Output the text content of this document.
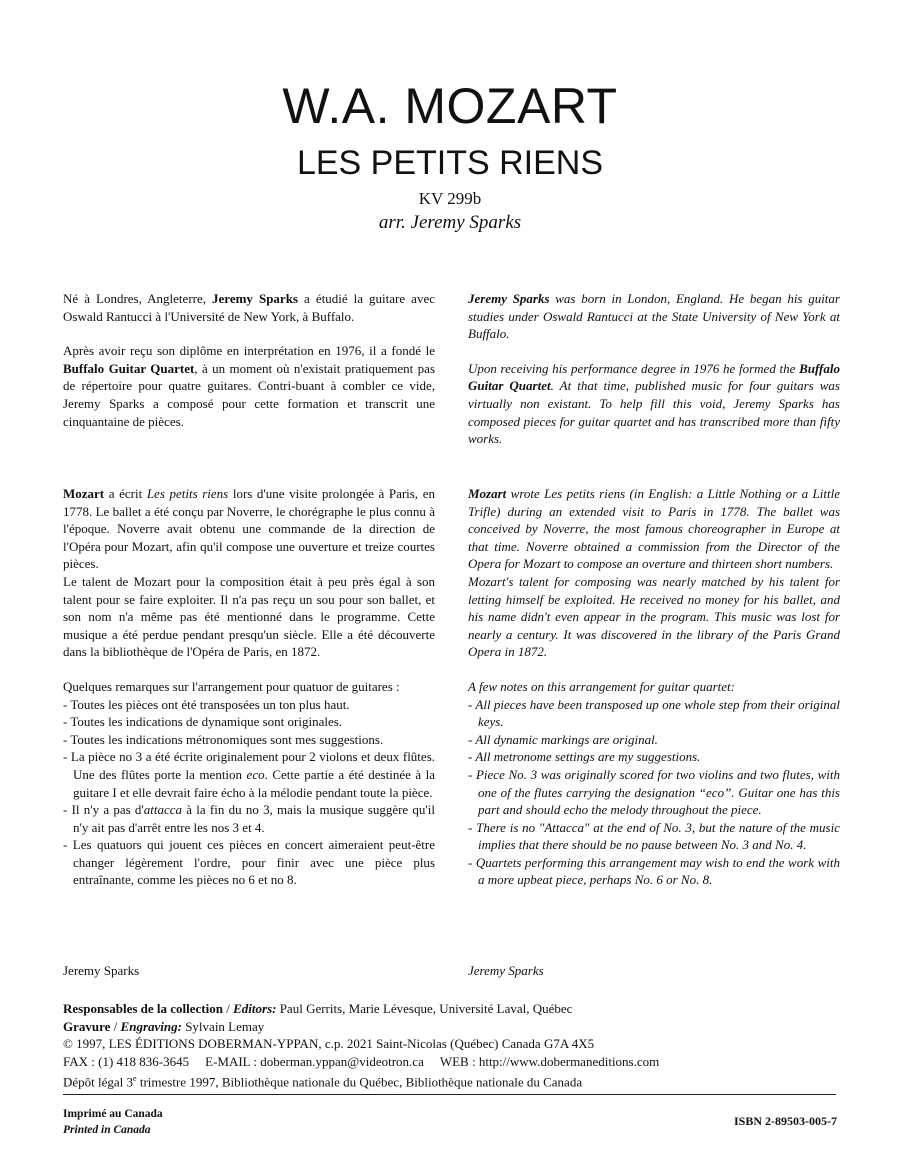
W.A. MOZART
LES PETITS RIENS
KV 299b
arr. Jeremy Sparks

Né à Londres, Angleterre, Jeremy Sparks a étudié la guitare avec Oswald Rantucci à l'Université de New York, à Buffalo.

Après avoir reçu son diplôme en interprétation en 1976, il a fondé le Buffalo Guitar Quartet, à un moment où n'existait pratiquement pas de répertoire pour quatre guitares. Contri-buant à combler ce vide, Jeremy Sparks a composé pour cette formation et transcrit une cinquantaine de pièces.

Jeremy Sparks was born in London, England. He began his guitar studies under Oswald Rantucci at the State University of New York at Buffalo.

Upon receiving his performance degree in 1976 he formed the Buffalo Guitar Quartet. At that time, published music for four guitars was virtually non existant. To help fill this void, Jeremy Sparks has composed pieces for guitar quartet and has transcribed more than fifty works.

Mozart a écrit Les petits riens lors d'une visite prolongée à Paris, en 1778. Le ballet a été conçu par Noverre, le chorégraphe le plus connu à l'époque. Noverre avait obtenu une commande de la direction de l'Opéra pour Mozart, afin qu'il compose une ouverture et treize courtes pièces.

Le talent de Mozart pour la composition était à peu près égal à son talent pour se faire exploiter. Il n'a pas reçu un sou pour son ballet, et son nom n'a même pas été mentionné dans le programme. Cette musique a été perdue pendant presqu'un siècle. Elle a été découverte dans la bibliothèque de l'Opéra de Paris, en 1872.

Quelques remarques sur l'arrangement pour quatuor de guitares :

- Toutes les pièces ont été transposées un ton plus haut.
- Toutes les indications de dynamique sont originales.
- Toutes les indications métronomiques sont mes suggestions.
- La pièce no 3 a été écrite originalement pour 2 violons et deux flûtes. Une des flûtes porte la mention eco. Cette partie a été destinée à la guitare I et elle devrait faire écho à la mélodie pendant toute la pièce.
- Il n'y a pas d'attacca à la fin du no 3, mais la musique suggère qu'il n'y ait pas d'arrêt entre les nos 3 et 4.
- Les quatuors qui jouent ces pièces en concert aimeraient peut-être changer légèrement l'ordre, pour finir avec une pièce plus entraînante, comme les pièces no 6 et no 8.

Mozart wrote Les petits riens (in English: a Little Nothing or a Little Trifle) during an extended visit to Paris in 1778. The ballet was conceived by Noverre, the most famous choreographer in Europe at that time. Noverre obtained a commission from the Director of the Opera for Mozart to compose an overture and thirteen short numbers.

Mozart's talent for composing was nearly matched by his talent for letting himself be exploited. He received no money for his ballet, and his name didn't even appear in the program. This music was lost for nearly a century. It was discovered in the library of the Paris Grand Opera in 1872.

A few notes on this arrangement for guitar quartet:

- All pieces have been transposed up one whole step from their original keys.
- All dynamic markings are original.
- All metronome settings are my suggestions.
- Piece No. 3 was originally scored for two violins and two flutes, with one of the flutes carrying the designation “eco”. Guitar one has this part and should echo the melody throughout the piece.
- There is no "Attacca" at the end of No. 3, but the nature of the music implies that there should be no pause between No. 3 and No. 4.
- Quartets performing this arrangement may wish to end the work with a more upbeat piece, perhaps No. 6 or No. 8.
Jeremy Sparks	Jeremy Sparks
Responsables de la collection / Editors: Paul Gerrits, Marie Lévesque, Université Laval, Québec
Gravure / Engraving: Sylvain Lemay
© 1997, LES ÉDITIONS DOBERMAN-YPPAN, c.p. 2021 Saint-Nicolas (Québec) Canada G7A 4X5
FAX : (1) 418 836-3645 E-MAIL : doberman.yppan@videotron.ca WEB : http://www.dobermaneditions.com
Dépôt légal 3e trimestre 1997, Bibliothèque nationale du Québec, Bibliothèque nationale du Canada
Imprimé au Canada
Printed in Canada
ISBN 2-89503-005-7
